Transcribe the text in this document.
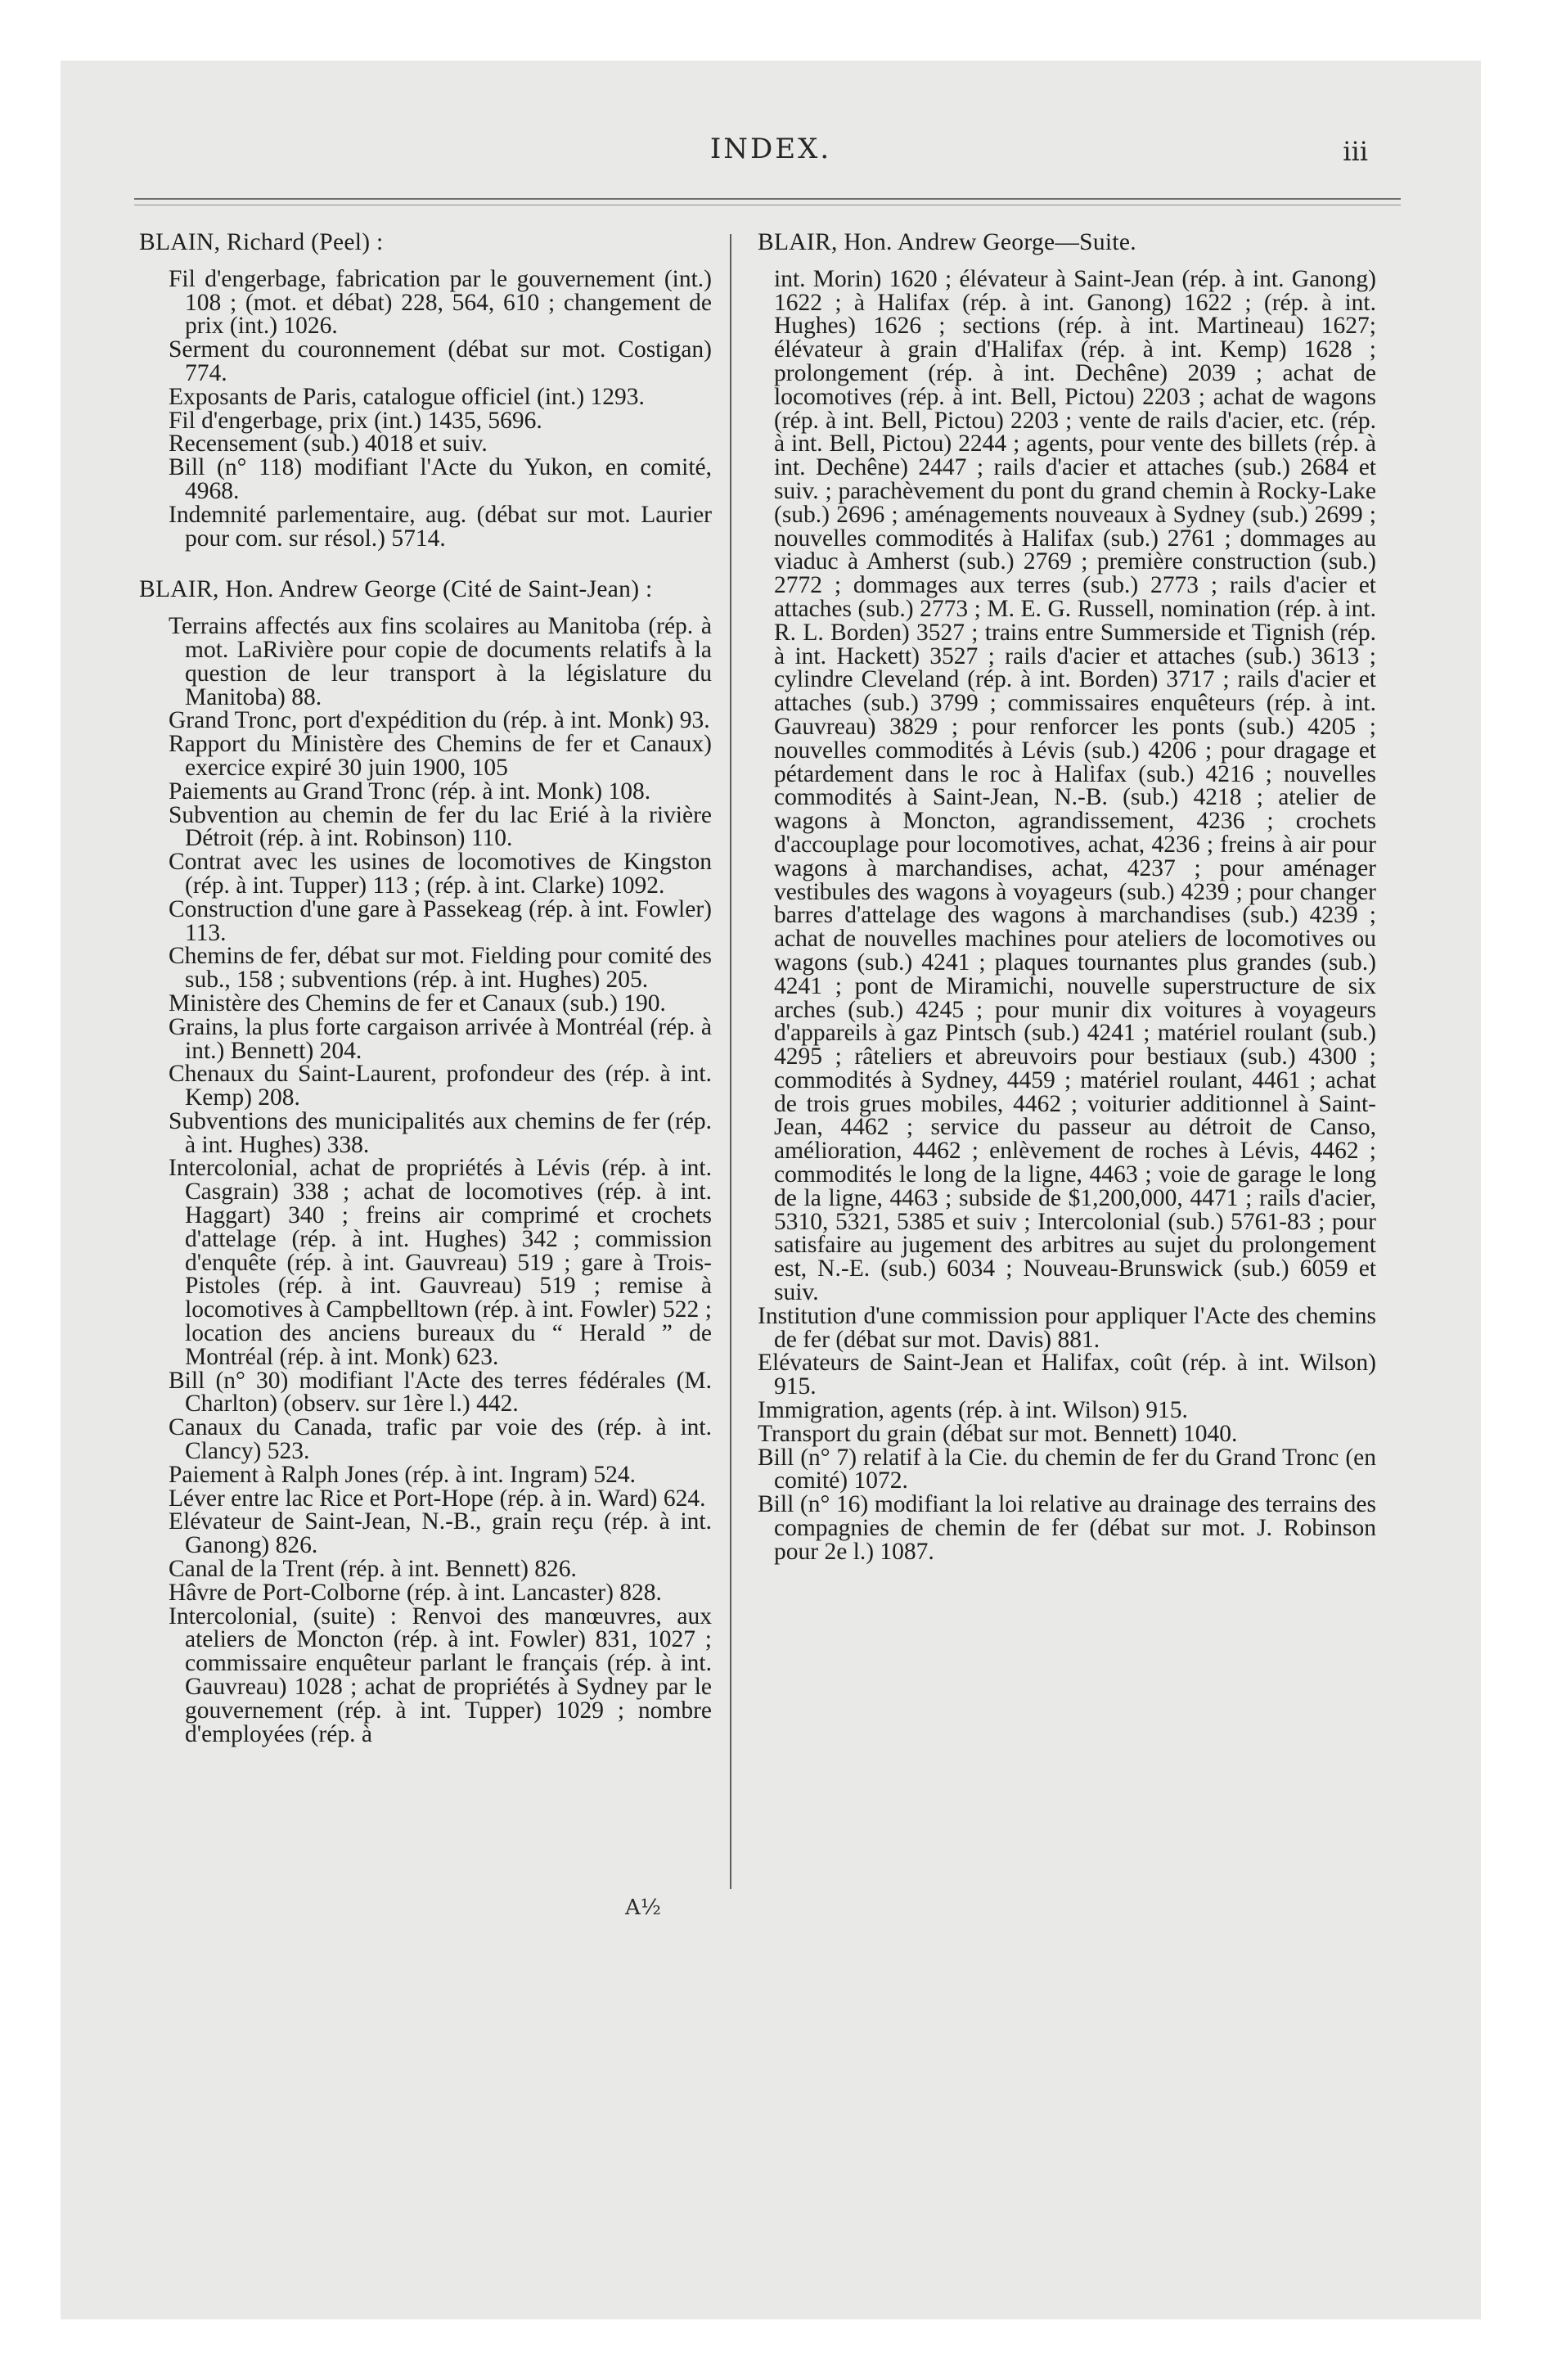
INDEX.	iii

BLAIN, Richard (Peel) :

Fil d'engerbage, fabrication par le gouvernement (int.) 108 ; (mot. et débat) 228, 564, 610 ; changement de prix (int.) 1026.

Serment du couronnement (débat sur mot. Costigan) 774.

Exposants de Paris, catalogue officiel (int.) 1293.

Fil d'engerbage, prix (int.) 1435, 5696.

Recensement (sub.) 4018 et suiv.

Bill (n° 118) modifiant l'Acte du Yukon, en comité, 4968.

Indemnité parlementaire, aug. (débat sur mot. Laurier pour com. sur résol.) 5714.

BLAIR, Hon. Andrew George (Cité de Saint-Jean) :

Terrains affectés aux fins scolaires au Manitoba (rép. à mot. LaRivière pour copie de documents relatifs à la question de leur transport à la législature du Manitoba) 88.

Grand Tronc, port d'expédition du (rép. à int. Monk) 93.

Rapport du Ministère des Chemins de fer et Canaux) exercice expiré 30 juin 1900, 105

Paiements au Grand Tronc (rép. à int. Monk) 108.

Subvention au chemin de fer du lac Erié à la rivière Détroit (rép. à int. Robinson) 110.

Contrat avec les usines de locomotives de Kingston (rép. à int. Tupper) 113 ; (rép. à int. Clarke) 1092.

Construction d'une gare à Passekeag (rép. à int. Fowler) 113.

Chemins de fer, débat sur mot. Fielding pour comité des sub., 158 ; subventions (rép. à int. Hughes) 205.

Ministère des Chemins de fer et Canaux (sub.) 190.

Grains, la plus forte cargaison arrivée à Montréal (rép. à int.) Bennett) 204.

Chenaux du Saint-Laurent, profondeur des (rép. à int. Kemp) 208.

Subventions des municipalités aux chemins de fer (rép. à int. Hughes) 338.

Intercolonial, achat de propriétés à Lévis (rép. à int. Casgrain) 338 ; achat de locomotives (rép. à int. Haggart) 340 ; freins air comprimé et crochets d'attelage (rép. à int. Hughes) 342 ; commission d'enquête (rép. à int. Gauvreau) 519 ; gare à Trois-Pistoles (rép. à int. Gauvreau) 519 ; remise à locomotives à Campbelltown (rép. à int. Fowler) 522 ; location des anciens bureaux du “ Herald ” de Montréal (rép. à int. Monk) 623.

Bill (n° 30) modifiant l'Acte des terres fédérales (M. Charlton) (observ. sur 1ère l.) 442.

Canaux du Canada, trafic par voie des (rép. à int. Clancy) 523.

Paiement à Ralph Jones (rép. à int. Ingram) 524.

Léver entre lac Rice et Port-Hope (rép. à in. Ward) 624.

Elévateur de Saint-Jean, N.-B., grain reçu (rép. à int. Ganong) 826.

Canal de la Trent (rép. à int. Bennett) 826.

Hâvre de Port-Colborne (rép. à int. Lancaster) 828.

Intercolonial, (suite) : Renvoi des manœuvres, aux ateliers de Moncton (rép. à int. Fowler) 831, 1027 ; commissaire enquêteur parlant le français (rép. à int. Gauvreau) 1028 ; achat de propriétés à Sydney par le gouvernement (rép. à int. Tupper) 1029 ; nombre d'employées (rép. à

BLAIR, Hon. Andrew George—Suite.

int. Morin) 1620 ; élévateur à Saint-Jean (rép. à int. Ganong) 1622 ; à Halifax (rép. à int. Ganong) 1622 ; (rép. à int. Hughes) 1626 ; sections (rép. à int. Martineau) 1627; élévateur à grain d'Halifax (rép. à int. Kemp) 1628 ; prolongement (rép. à int. Dechêne) 2039 ; achat de locomotives (rép. à int. Bell, Pictou) 2203 ; achat de wagons (rép. à int. Bell, Pictou) 2203 ; vente de rails d'acier, etc. (rép. à int. Bell, Pictou) 2244 ; agents, pour vente des billets (rép. à int. Dechêne) 2447 ; rails d'acier et attaches (sub.) 2684 et suiv. ; parachèvement du pont du grand chemin à Rocky-Lake (sub.) 2696 ; aménagements nouveaux à Sydney (sub.) 2699 ; nouvelles commodités à Halifax (sub.) 2761 ; dommages au viaduc à Amherst (sub.) 2769 ; première construction (sub.) 2772 ; dommages aux terres (sub.) 2773 ; rails d'acier et attaches (sub.) 2773 ; M. E. G. Russell, nomination (rép. à int. R. L. Borden) 3527 ; trains entre Summerside et Tignish (rép. à int. Hackett) 3527 ; rails d'acier et attaches (sub.) 3613 ; cylindre Cleveland (rép. à int. Borden) 3717 ; rails d'acier et attaches (sub.) 3799 ; commissaires enquêteurs (rép. à int. Gauvreau) 3829 ; pour renforcer les ponts (sub.) 4205 ; nouvelles commodités à Lévis (sub.) 4206 ; pour dragage et pétardement dans le roc à Halifax (sub.) 4216 ; nouvelles commodités à Saint-Jean, N.-B. (sub.) 4218 ; atelier de wagons à Moncton, agrandissement, 4236 ; crochets d'accouplage pour locomotives, achat, 4236 ; freins à air pour wagons à marchandises, achat, 4237 ; pour aménager vestibules des wagons à voyageurs (sub.) 4239 ; pour changer barres d'attelage des wagons à marchandises (sub.) 4239 ; achat de nouvelles machines pour ateliers de locomotives ou wagons (sub.) 4241 ; plaques tournantes plus grandes (sub.) 4241 ; pont de Miramichi, nouvelle superstructure de six arches (sub.) 4245 ; pour munir dix voitures à voyageurs d'appareils à gaz Pintsch (sub.) 4241 ; matériel roulant (sub.) 4295 ; râteliers et abreuvoirs pour bestiaux (sub.) 4300 ; commodités à Sydney, 4459 ; matériel roulant, 4461 ; achat de trois grues mobiles, 4462 ; voiturier additionnel à Saint-Jean, 4462 ; service du passeur au détroit de Canso, amélioration, 4462 ; enlèvement de roches à Lévis, 4462 ; commodités le long de la ligne, 4463 ; voie de garage le long de la ligne, 4463 ; subside de $1,200,000, 4471 ; rails d'acier, 5310, 5321, 5385 et suiv ; Intercolonial (sub.) 5761-83 ; pour satisfaire au jugement des arbitres au sujet du prolongement est, N.-E. (sub.) 6034 ; Nouveau-Brunswick (sub.) 6059 et suiv.

Institution d'une commission pour appliquer l'Acte des chemins de fer (débat sur mot. Davis) 881.

Elévateurs de Saint-Jean et Halifax, coût (rép. à int. Wilson) 915.

Immigration, agents (rép. à int. Wilson) 915.

Transport du grain (débat sur mot. Bennett) 1040.

Bill (n° 7) relatif à la Cie. du chemin de fer du Grand Tronc (en comité) 1072.

Bill (n° 16) modifiant la loi relative au drainage des terrains des compagnies de chemin de fer (débat sur mot. J. Robinson pour 2e l.) 1087.

A½
